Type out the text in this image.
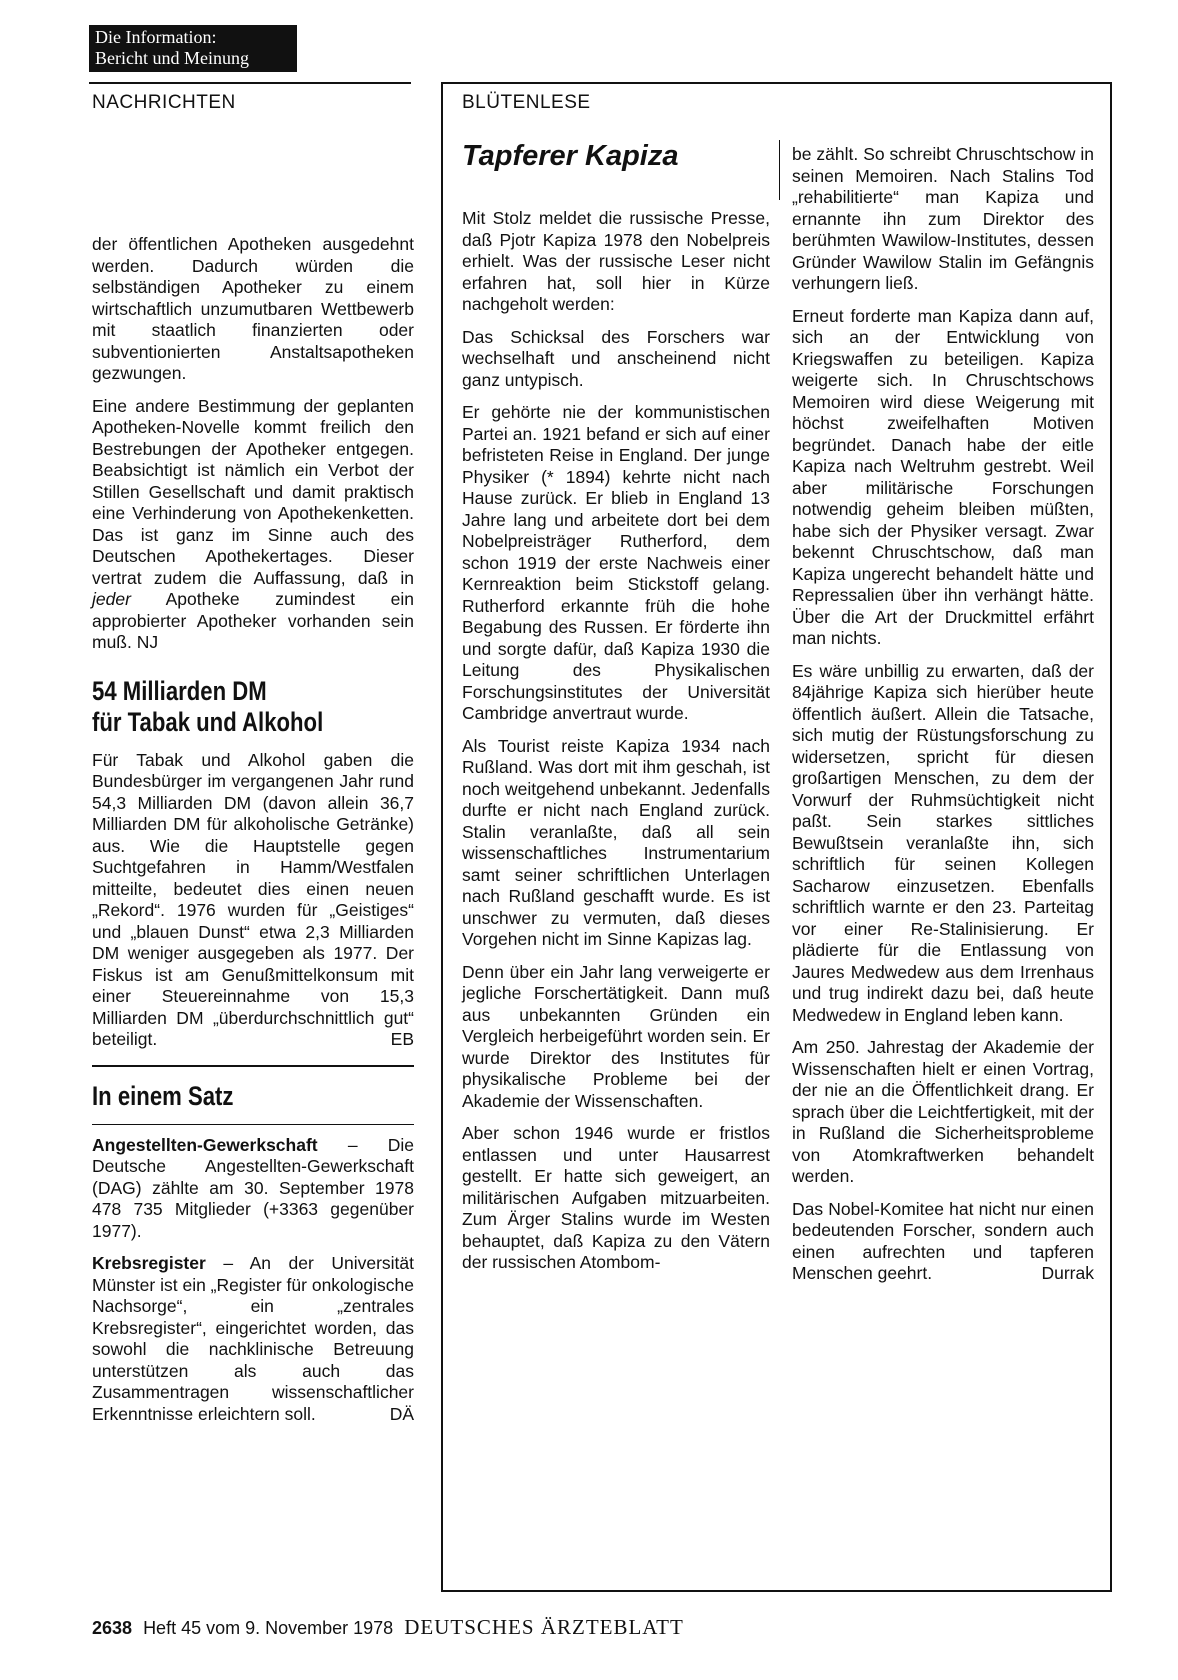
Die Information:
Bericht und Meinung
NACHRICHTEN

der öffentlichen Apotheken ausgedehnt werden. Dadurch würden die selbständigen Apotheker zu einem wirtschaftlich unzumutbaren Wettbewerb mit staatlich finanzierten oder subventionierten Anstaltsapotheken gezwungen.

Eine andere Bestimmung der geplanten Apotheken-Novelle kommt freilich den Bestrebungen der Apotheker entgegen. Beabsichtigt ist nämlich ein Verbot der Stillen Gesellschaft und damit praktisch eine Verhinderung von Apothekenketten. Das ist ganz im Sinne auch des Deutschen Apothekertages. Dieser vertrat zudem die Auffassung, daß in jeder Apotheke zumindest ein approbierter Apotheker vorhanden sein muß. NJ

54 Milliarden DM
für Tabak und Alkohol

Für Tabak und Alkohol gaben die Bundesbürger im vergangenen Jahr rund 54,3 Milliarden DM (davon allein 36,7 Milliarden DM für alkoholische Getränke) aus. Wie die Hauptstelle gegen Suchtgefahren in Hamm/Westfalen mitteilte, bedeutet dies einen neuen „Rekord“. 1976 wurden für „Geistiges“ und „blauen Dunst“ etwa 2,3 Milliarden DM weniger ausgegeben als 1977. Der Fiskus ist am Genußmittelkonsum mit einer Steuereinnahme von 15,3 Milliarden DM „überdurchschnittlich gut“ beteiligt.	EB

In einem Satz

Angestellten-Gewerkschaft – Die Deutsche Angestellten-Gewerkschaft (DAG) zählte am 30. September 1978 478 735 Mitglieder (+3363 gegenüber 1977).

Krebsregister – An der Universität Münster ist ein „Register für onkologische Nachsorge“, ein „zentrales Krebsregister“, eingerichtet worden, das sowohl die nachklinische Betreuung unterstützen als auch das Zusammentragen wissenschaftlicher Erkenntnisse erleichtern soll.	DÄ

BLÜTENLESE
Tapferer Kapiza

Mit Stolz meldet die russische Presse, daß Pjotr Kapiza 1978 den Nobelpreis erhielt. Was der russische Leser nicht erfahren hat, soll hier in Kürze nachgeholt werden:

Das Schicksal des Forschers war wechselhaft und anscheinend nicht ganz untypisch.

Er gehörte nie der kommunistischen Partei an. 1921 befand er sich auf einer befristeten Reise in England. Der junge Physiker (* 1894) kehrte nicht nach Hause zurück. Er blieb in England 13 Jahre lang und arbeitete dort bei dem Nobelpreisträger Rutherford, dem schon 1919 der erste Nachweis einer Kernreaktion beim Stickstoff gelang. Rutherford erkannte früh die hohe Begabung des Russen. Er förderte ihn und sorgte dafür, daß Kapiza 1930 die Leitung des Physikalischen Forschungsinstitutes der Universität Cambridge anvertraut wurde.

Als Tourist reiste Kapiza 1934 nach Rußland. Was dort mit ihm geschah, ist noch weitgehend unbekannt. Jedenfalls durfte er nicht nach England zurück. Stalin veranlaßte, daß all sein wissenschaftliches Instrumentarium samt seiner schriftlichen Unterlagen nach Rußland geschafft wurde. Es ist unschwer zu vermuten, daß dieses Vorgehen nicht im Sinne Kapizas lag.

Denn über ein Jahr lang verweigerte er jegliche Forschertätigkeit. Dann muß aus unbekannten Gründen ein Vergleich herbeigeführt worden sein. Er wurde Direktor des Institutes für physikalische Probleme bei der Akademie der Wissenschaften.

Aber schon 1946 wurde er fristlos entlassen und unter Hausarrest gestellt. Er hatte sich geweigert, an militärischen Aufgaben mitzuarbeiten. Zum Ärger Stalins wurde im Westen behauptet, daß Kapiza zu den Vätern der russischen Atombom-

be zählt. So schreibt Chruschtschow in seinen Memoiren. Nach Stalins Tod „rehabilitierte“ man Kapiza und ernannte ihn zum Direktor des berühmten Wawilow-Institutes, dessen Gründer Wawilow Stalin im Gefängnis verhungern ließ.

Erneut forderte man Kapiza dann auf, sich an der Entwicklung von Kriegswaffen zu beteiligen. Kapiza weigerte sich. In Chruschtschows Memoiren wird diese Weigerung mit höchst zweifelhaften Motiven begründet. Danach habe der eitle Kapiza nach Weltruhm gestrebt. Weil aber militärische Forschungen notwendig geheim bleiben müßten, habe sich der Physiker versagt. Zwar bekennt Chruschtschow, daß man Kapiza ungerecht behandelt hätte und Repressalien über ihn verhängt hätte. Über die Art der Druckmittel erfährt man nichts.

Es wäre unbillig zu erwarten, daß der 84jährige Kapiza sich hierüber heute öffentlich äußert. Allein die Tatsache, sich mutig der Rüstungsforschung zu widersetzen, spricht für diesen großartigen Menschen, zu dem der Vorwurf der Ruhmsüchtigkeit nicht paßt. Sein starkes sittliches Bewußtsein veranlaßte ihn, sich schriftlich für seinen Kollegen Sacharow einzusetzen. Ebenfalls schriftlich warnte er den 23. Parteitag vor einer Re-Stalinisierung. Er plädierte für die Entlassung von Jaures Medwedew aus dem Irrenhaus und trug indirekt dazu bei, daß heute Medwedew in England leben kann.

Am 250. Jahrestag der Akademie der Wissenschaften hielt er einen Vortrag, der nie an die Öffentlichkeit drang. Er sprach über die Leichtfertigkeit, mit der in Rußland die Sicherheitsprobleme von Atomkraftwerken behandelt werden.

Das Nobel-Komitee hat nicht nur einen bedeutenden Forscher, sondern auch einen aufrechten und tapferen Menschen geehrt.	Durrak

2638 Heft 45 vom 9. November 1978 DEUTSCHES ÄRZTEBLATT
